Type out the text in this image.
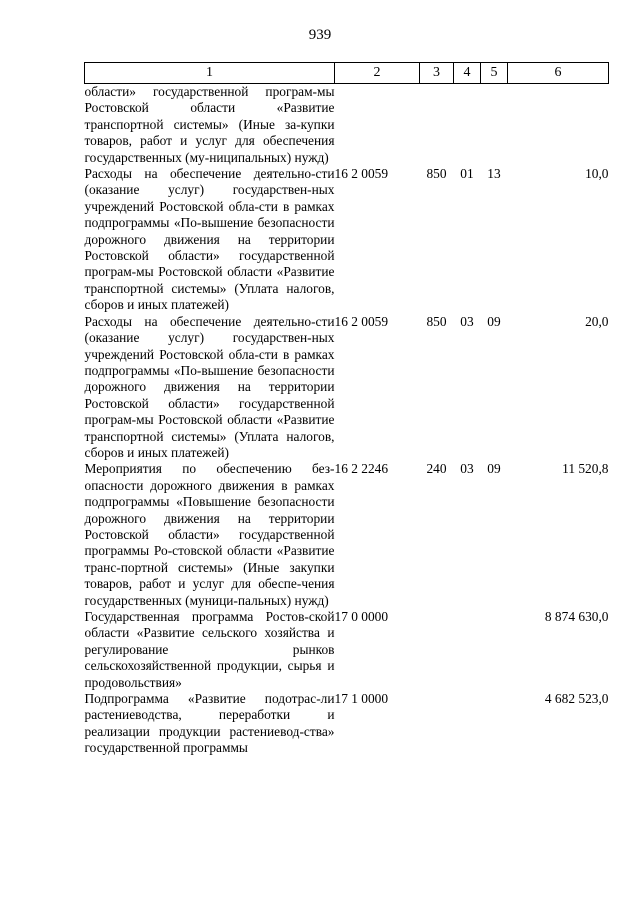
939
1	2	3	4	5	6

области» государственной програм-мы Ростовской области «Развитие транспортной системы» (Иные за-купки товаров, работ и услуг для обеспечения государственных (му-ниципальных) нужд)					

Расходы на обеспечение деятельно-сти (оказание услуг) государствен-ных учреждений Ростовской обла-сти в рамках подпрограммы «По-вышение безопасности дорожного движения на территории Ростовской области» государственной програм-мы Ростовской области «Развитие транспортной системы» (Уплата налогов, сборов и иных платежей)	16 2 0059	850	01	13	10,0

Расходы на обеспечение деятельно-сти (оказание услуг) государствен-ных учреждений Ростовской обла-сти в рамках подпрограммы «По-вышение безопасности дорожного движения на территории Ростовской области» государственной програм-мы Ростовской области «Развитие транспортной системы» (Уплата налогов, сборов и иных платежей)	16 2 0059	850	03	09	20,0

Мероприятия по обеспечению без-опасности дорожного движения в рамках подпрограммы «Повышение безопасности дорожного движения на территории Ростовской области» государственной программы Ро-стовской области «Развитие транс-портной системы» (Иные закупки товаров, работ и услуг для обеспе-чения государственных (муници-пальных) нужд)	16 2 2246	240	03	09	11 520,8

Государственная программа Ростов-ской области «Развитие сельского хозяйства и регулирование рынков сельскохозяйственной продукции, сырья и продовольствия»	17 0 0000				8 874 630,0

Подпрограмма «Развитие подотрас-ли растениеводства, переработки и реализации продукции растениевод-ства» государственной программы	17 1 0000				4 682 523,0
